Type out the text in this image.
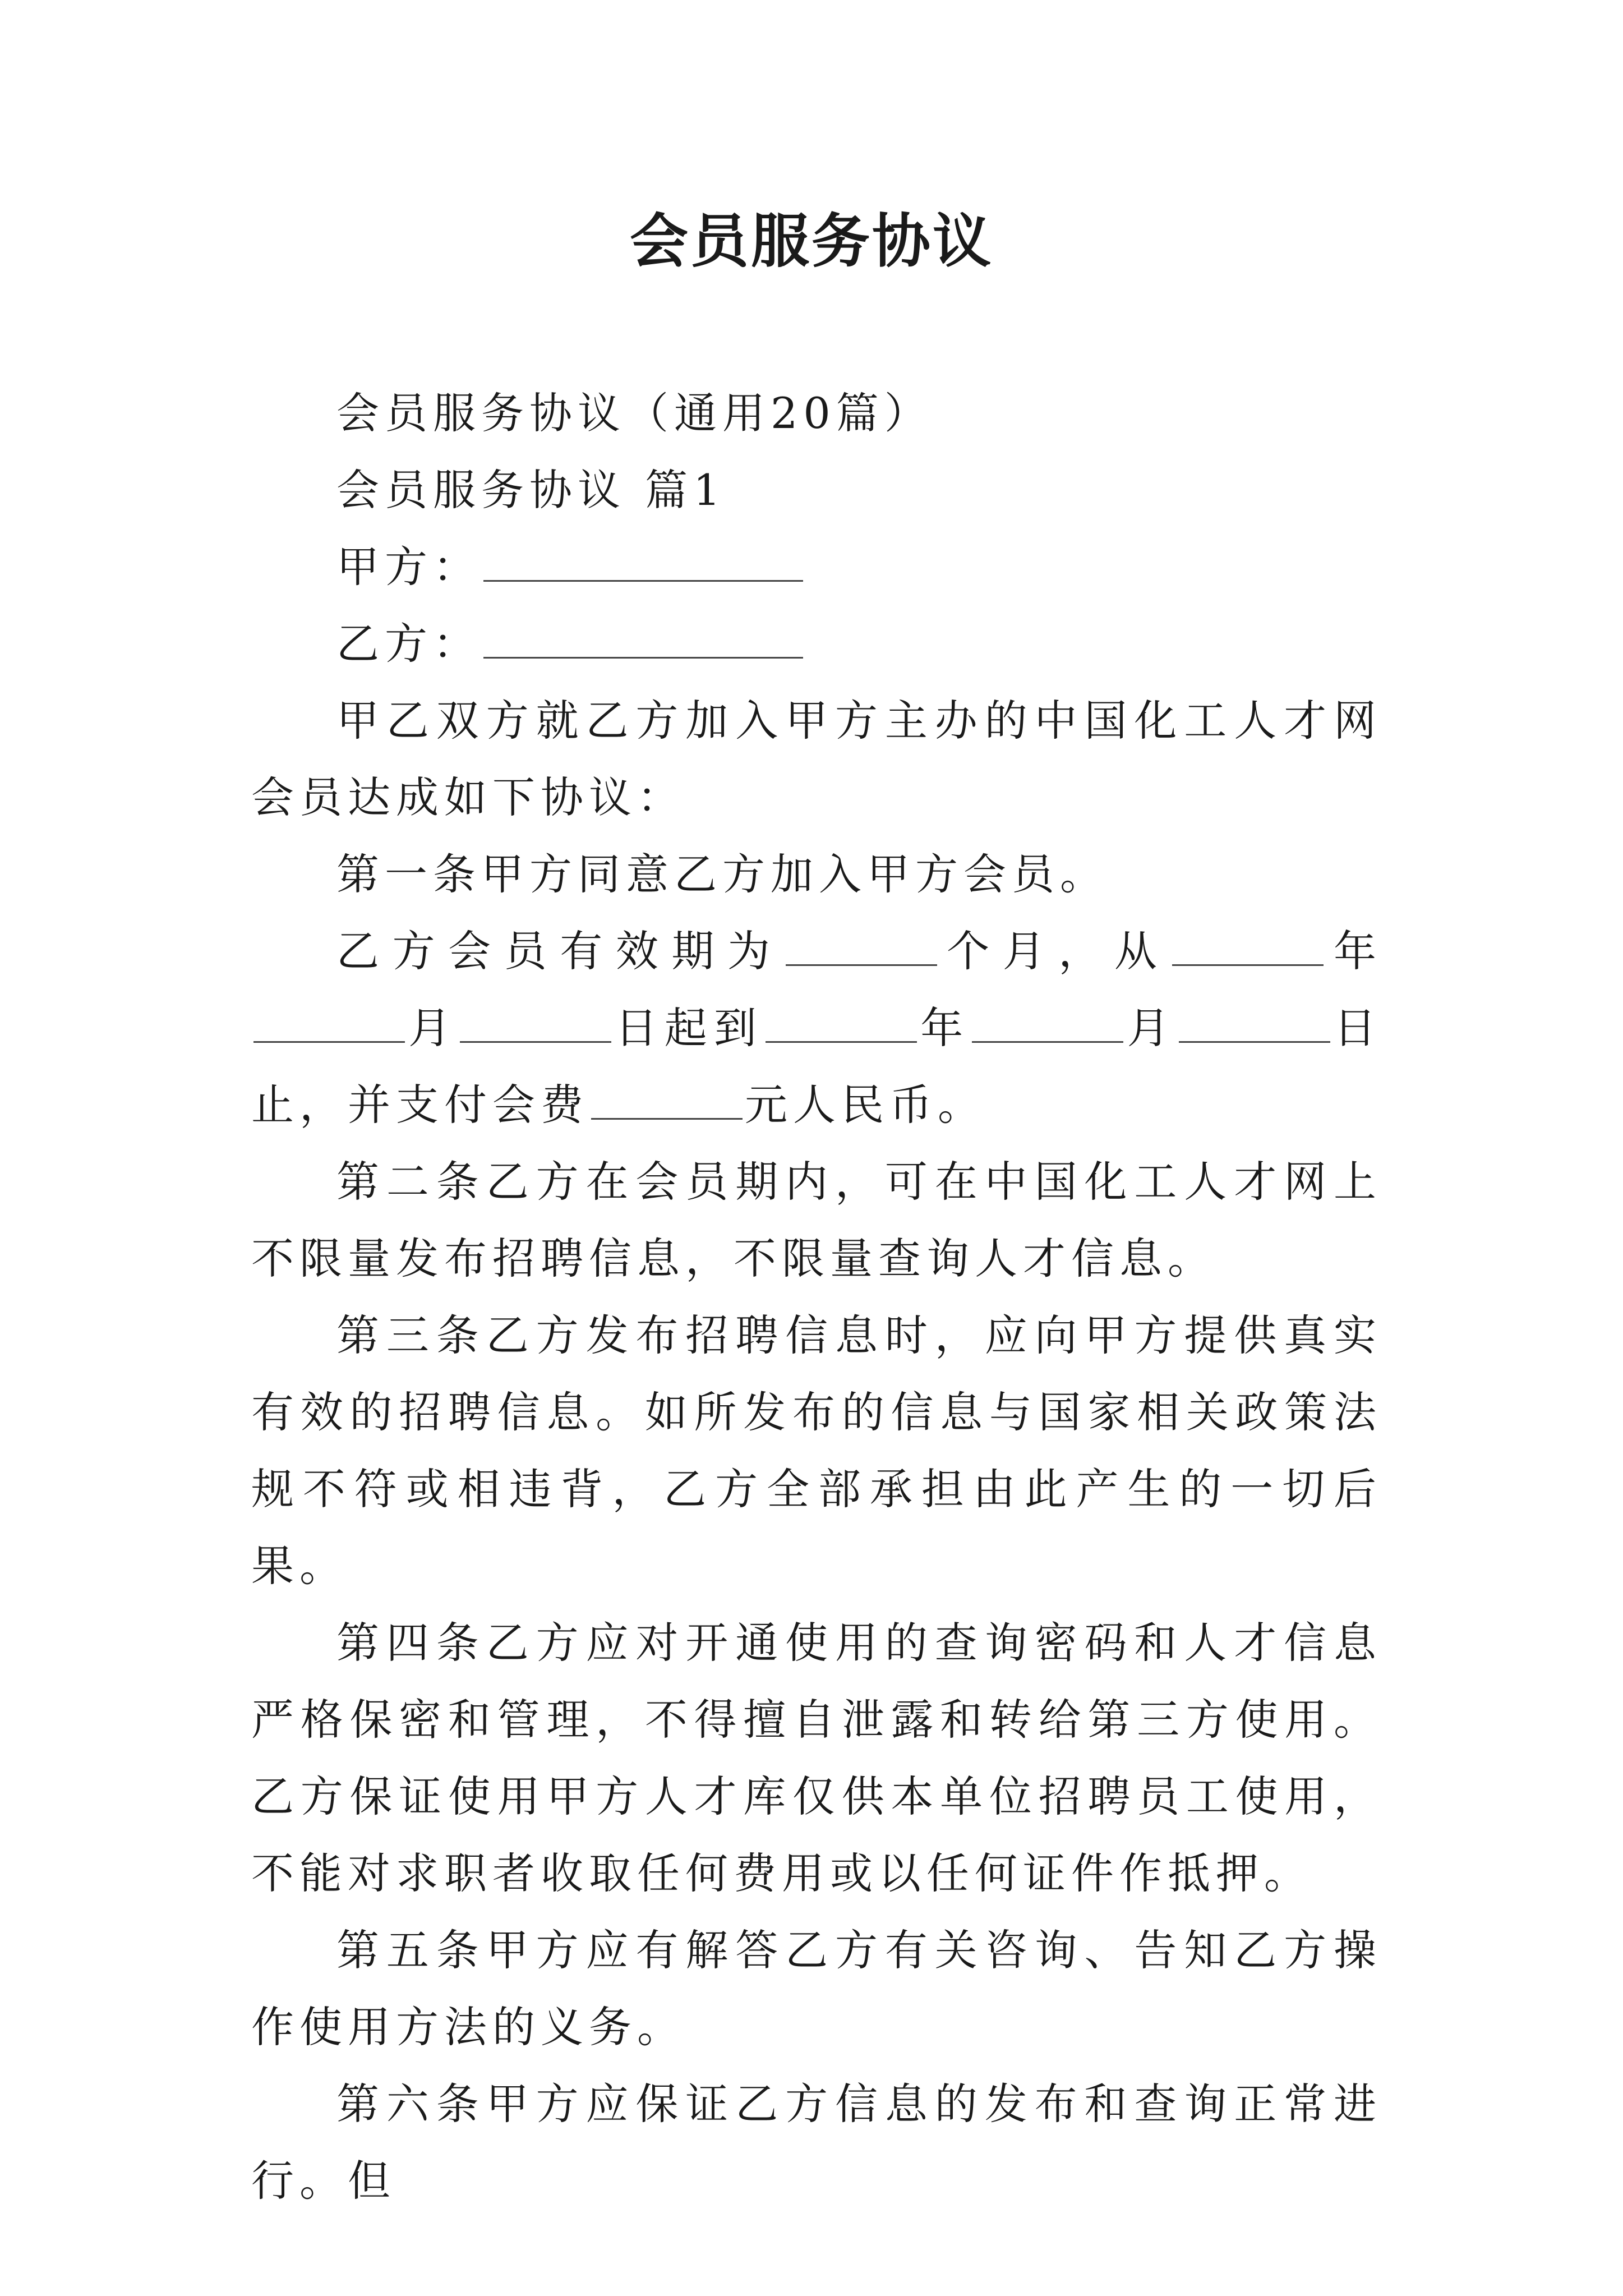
会员服务协议

会员服务协议（通用20篇）

会员服务协议 篇1

甲方：

乙方：

甲乙双方就乙方加入甲方主办的中国化工人才网会员达成如下协议：

第一条甲方同意乙方加入甲方会员。

乙方会员有效期为	个月，从	年月	日起到	年	月	日止，并支付会费	元人民币。

第二条乙方在会员期内，可在中国化工人才网上不限量发布招聘信息，不限量查询人才信息。

第三条乙方发布招聘信息时，应向甲方提供真实有效的招聘信息。如所发布的信息与国家相关政策法规不符或相违背，乙方全部承担由此产生的一切后果。

第四条乙方应对开通使用的查询密码和人才信息严格保密和管理，不得擅自泄露和转给第三方使用。乙方保证使用甲方人才库仅供本单位招聘员工使用，不能对求职者收取任何费用或以任何证件作抵押。

第五条甲方应有解答乙方有关咨询、告知乙方操作使用方法的义务。

第六条甲方应保证乙方信息的发布和查询正常进行。但
